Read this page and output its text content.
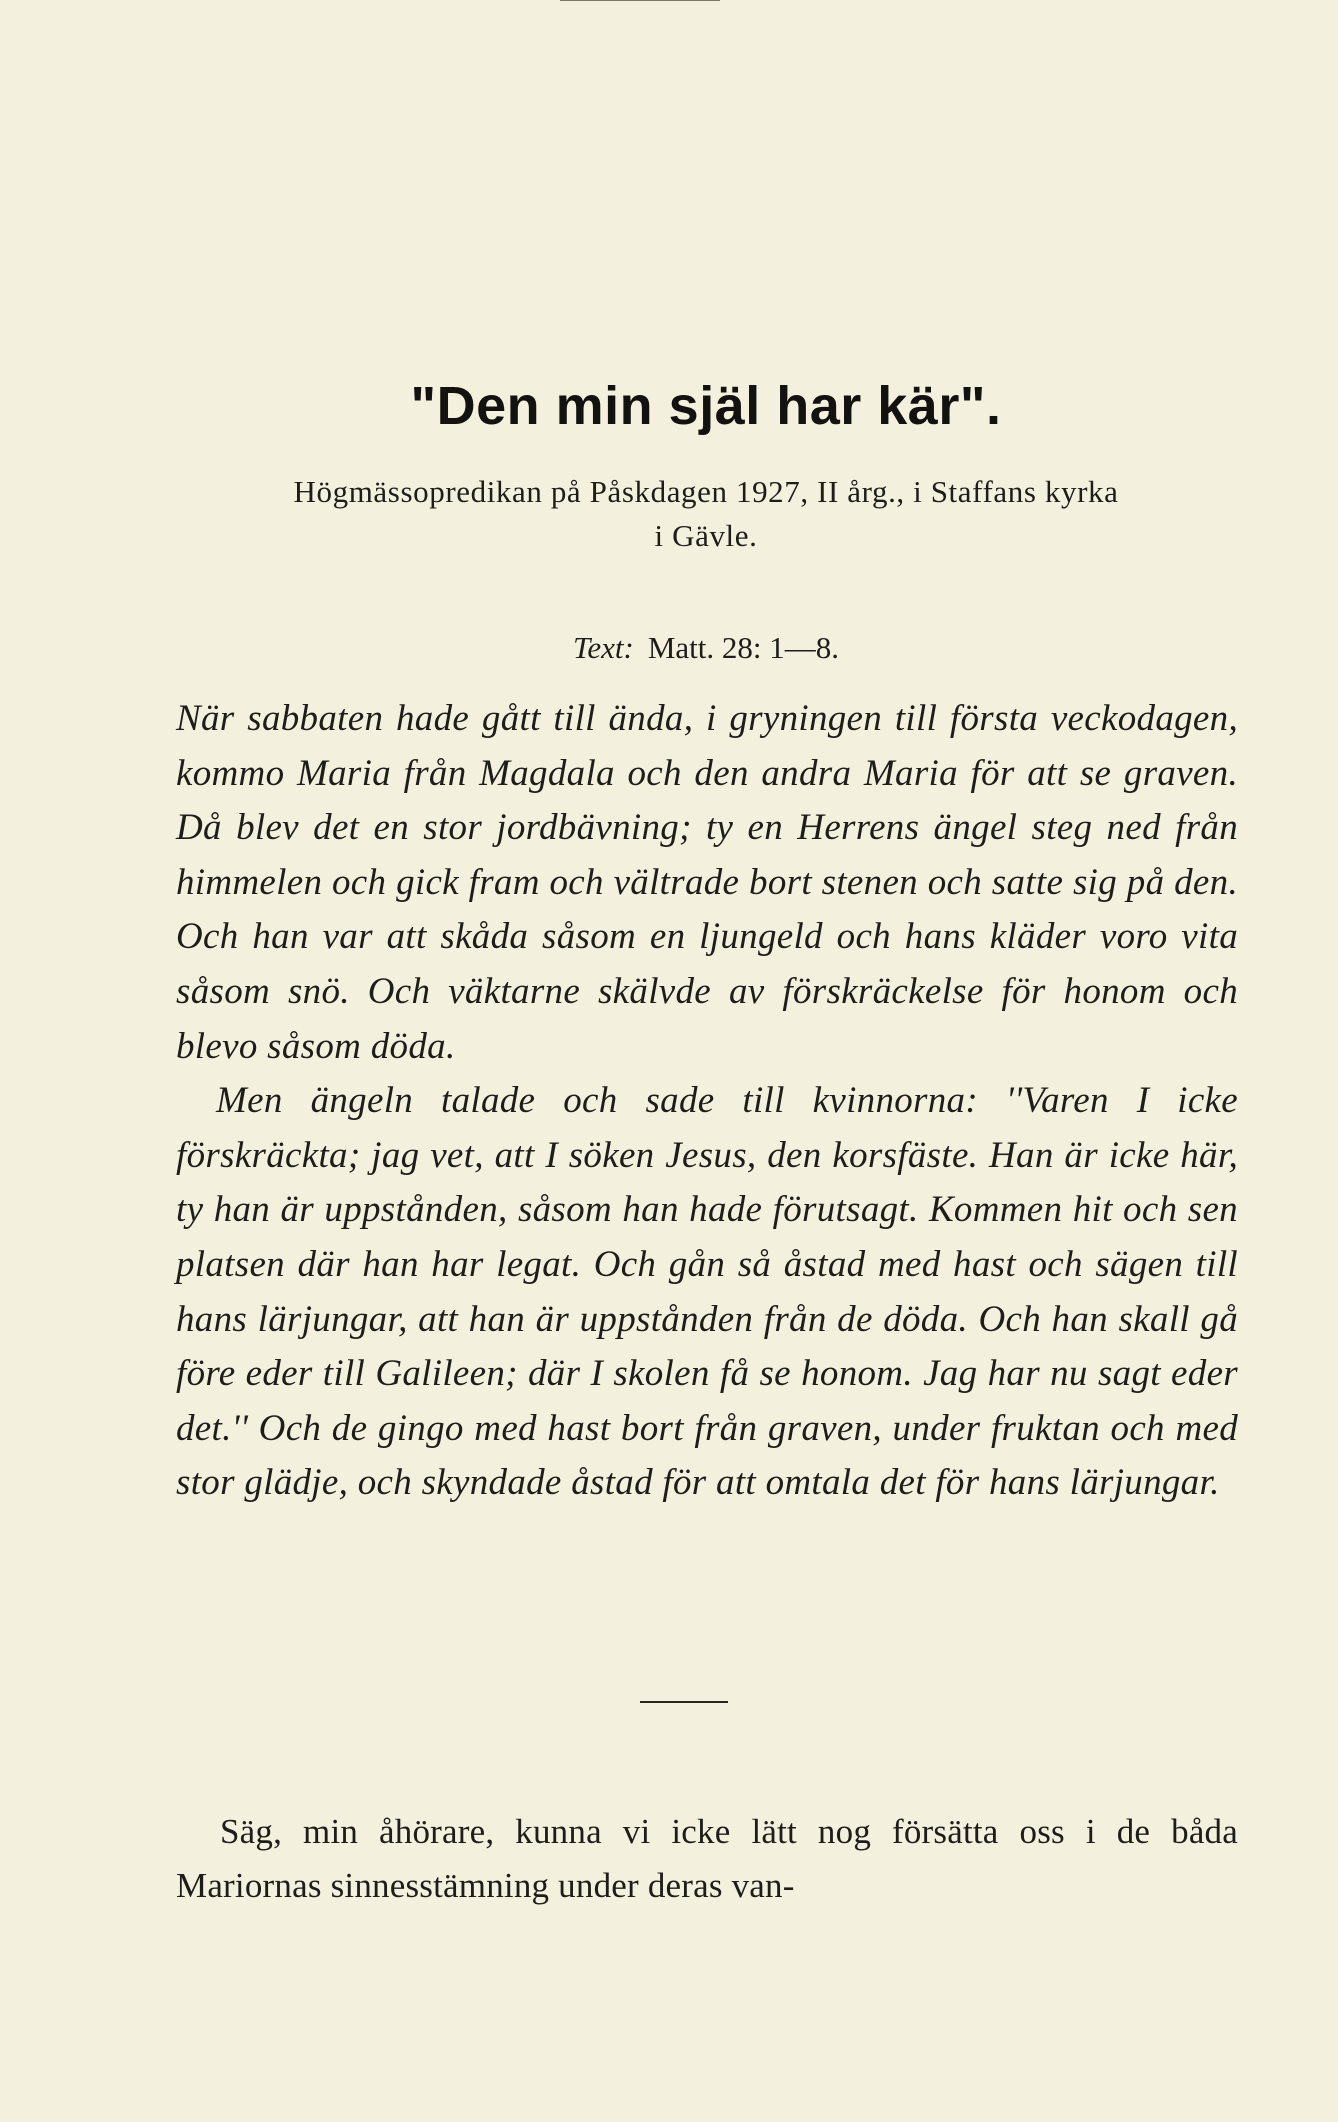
"Den min själ har kär".
Högmässopredikan på Påskdagen 1927, II årg., i Staffans kyrka
i Gävle.
Text: Matt. 28: 1—8.

När sabbaten hade gått till ända, i gryningen till första veckodagen, kommo Maria från Magdala och den andra Maria för att se graven. Då blev det en stor jordbävning; ty en Herrens ängel steg ned från himmelen och gick fram och vältrade bort stenen och satte sig på den. Och han var att skåda såsom en ljungeld och hans kläder voro vita såsom snö. Och väktarne skälvde av förskräckelse för honom och blevo såsom döda.

Men ängeln talade och sade till kvinnorna: ''Varen I icke förskräckta; jag vet, att I söken Jesus, den korsfäste. Han är icke här, ty han är uppstånden, såsom han hade förutsagt. Kommen hit och sen platsen där han har legat. Och gån så åstad med hast och sägen till hans lärjungar, att han är uppstånden från de döda. Och han skall gå före eder till Galileen; där I skolen få se honom. Jag har nu sagt eder det.'' Och de gingo med hast bort från graven, under fruktan och med stor glädje, och skyndade åstad för att omtala det för hans lärjungar.

Säg, min åhörare, kunna vi icke lätt nog försätta oss i de båda Mariornas sinnesstämning under deras van-
